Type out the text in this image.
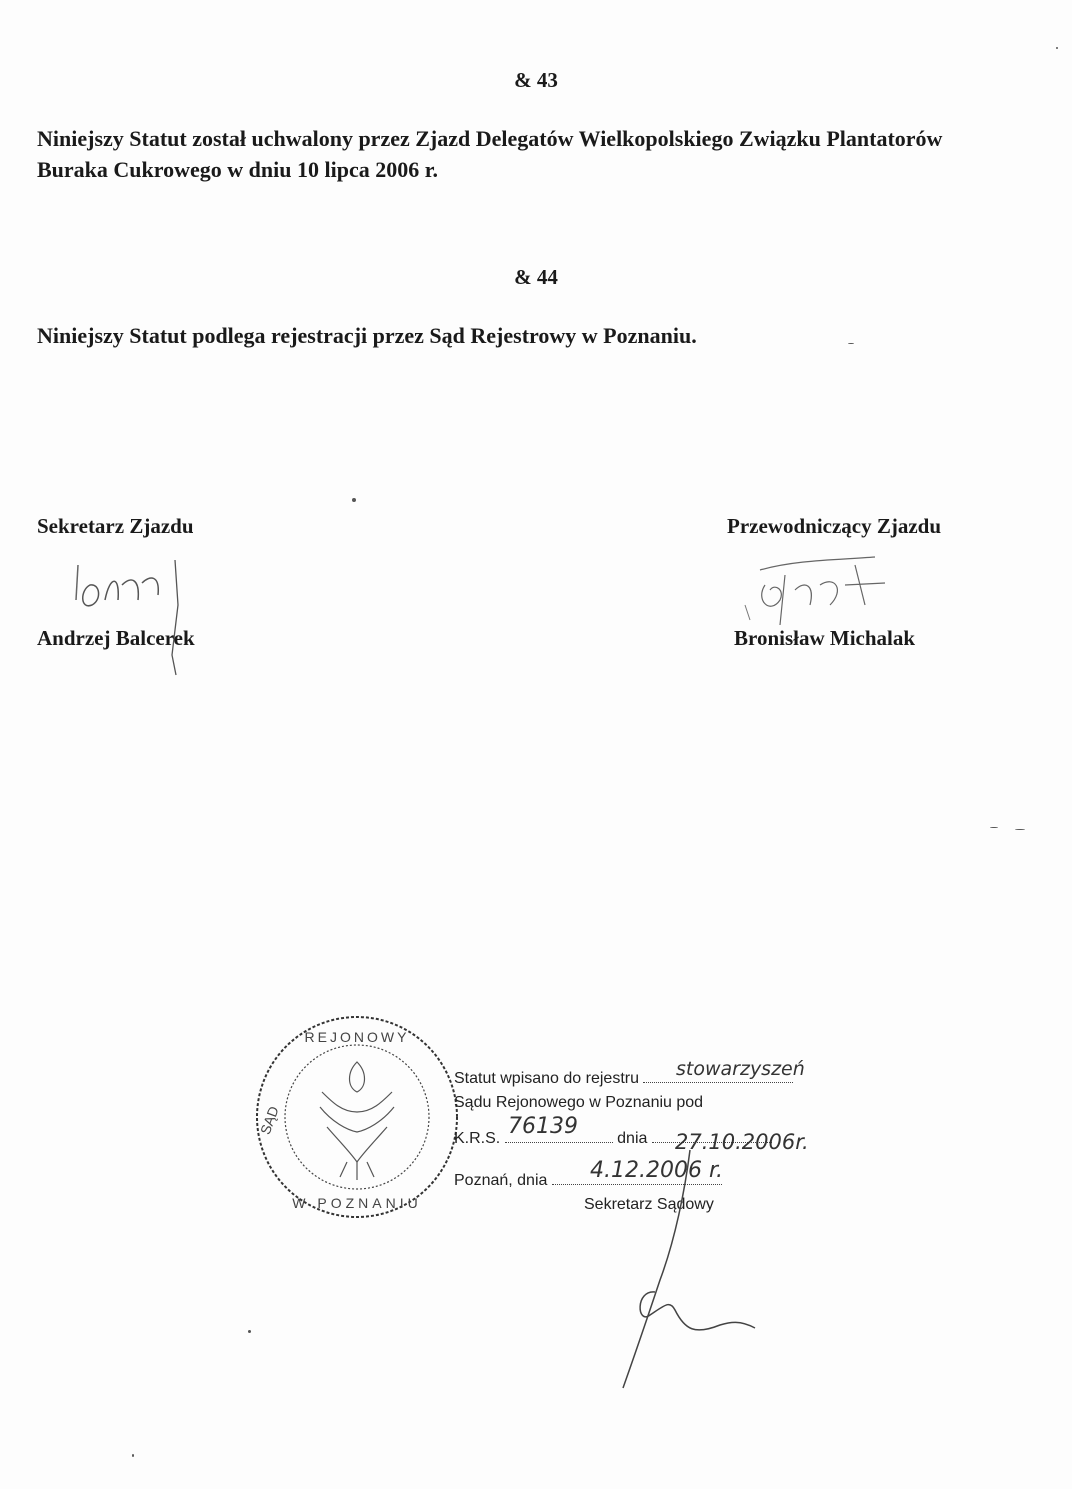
& 43
Niniejszy Statut został uchwalony przez Zjazd Delegatów Wielkopolskiego Związku Plantatorów Buraka Cukrowego w dniu 10 lipca 2006 r.
& 44
Niniejszy Statut podlega rejestracji przez Sąd Rejestrowy w Poznaniu.
Sekretarz Zjazdu
Andrzej Balcerek
Przewodniczący Zjazdu
Bronisław Michalak
REJONOWY
W POZNANIU
SĄD
Statut wpisano do rejestru	stowarzyszeń
Sądu Rejonowego w Poznaniu pod
K.R.S.	dnia
76139
27.10.2006r.
Poznań, dnia	4.12.2006 r.
Sekretarz Sądowy
